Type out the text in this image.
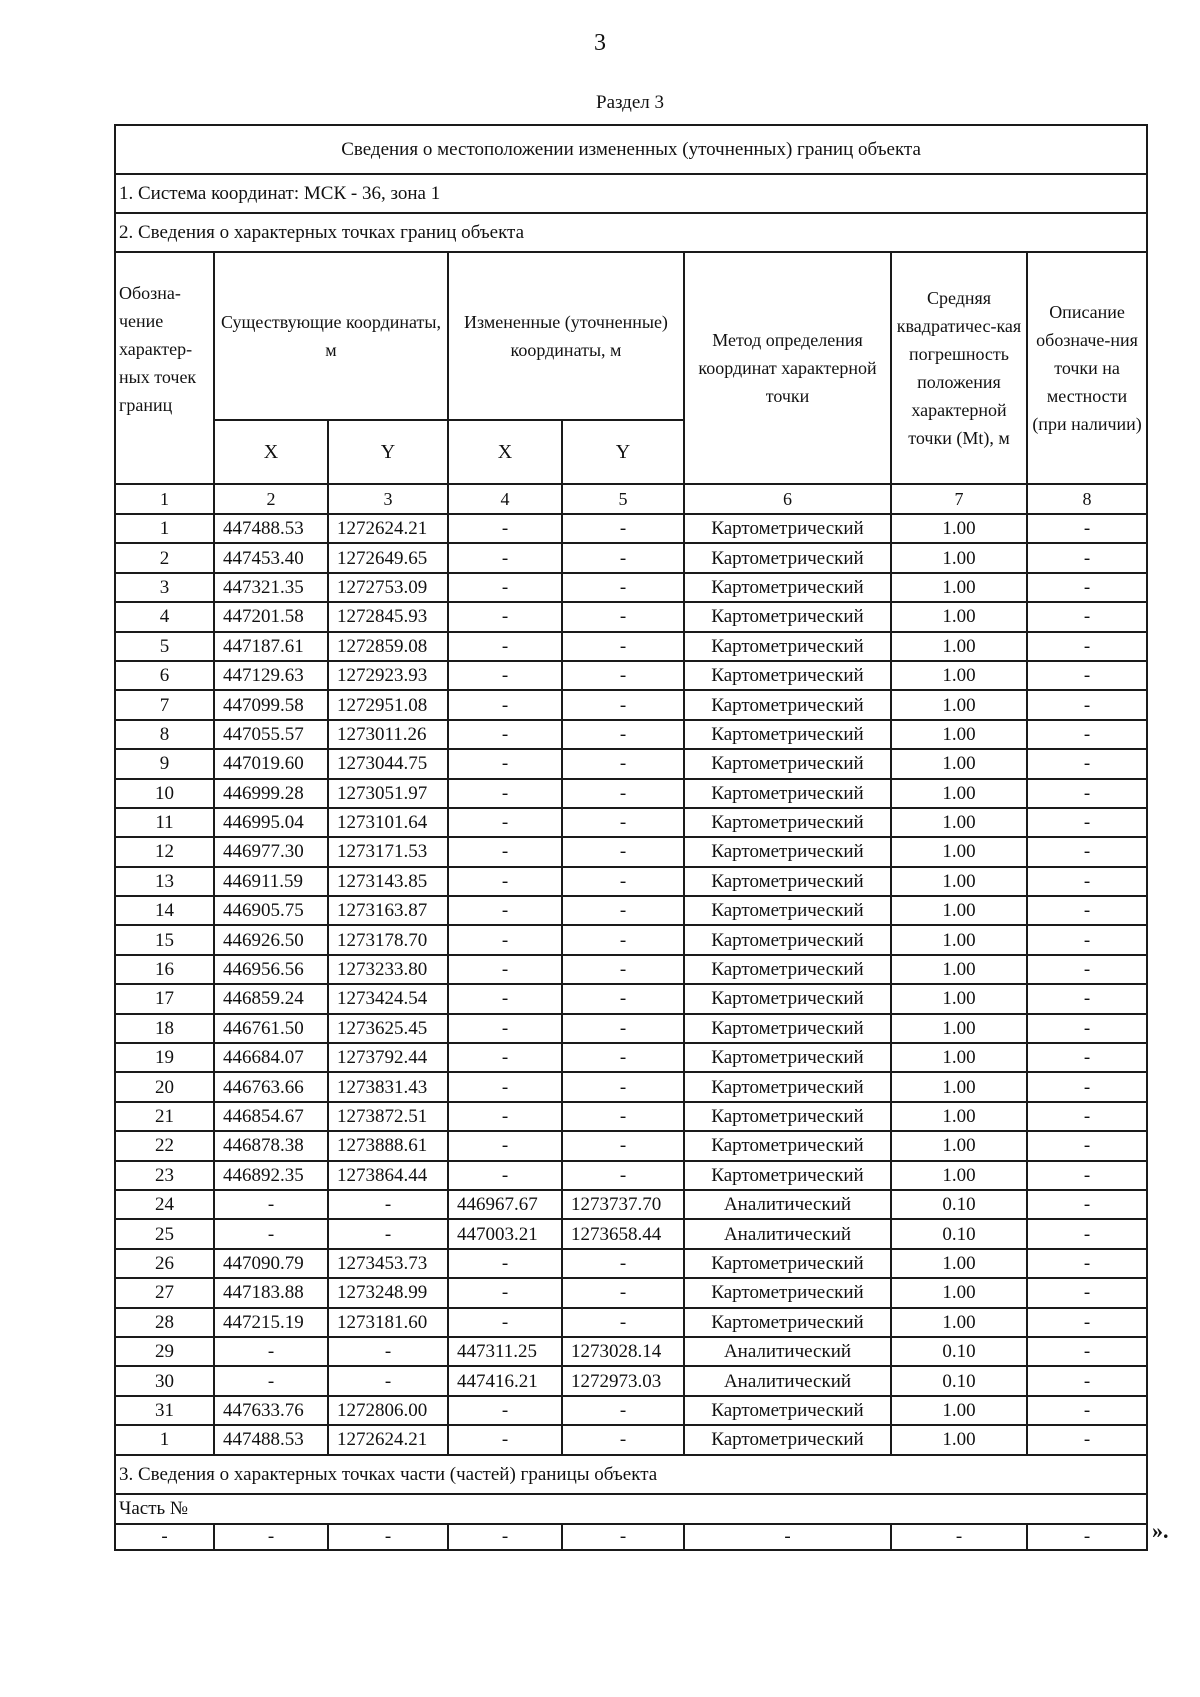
3
Раздел 3
Сведения о местоположении измененных (уточненных) границ объекта							
1. Система координат: МСК - 36, зона 1							
2. Сведения о характерных точках границ объекта							
Обозна-чение характер-ных точек границ	Существующие координаты, м		Измененные (уточненные) координаты, м		Метод определения координат характерной точки	Средняя квадратичес-кая погрешность положения характерной точки (Mt), м	Описание обозначе-ния точки на местности (при наличии)
	X	Y	X	Y			
1	2	3	4	5	6	7	8
1	447488.53	1272624.21	-	-	Картометрический	1.00	-
2	447453.40	1272649.65	-	-	Картометрический	1.00	-
3	447321.35	1272753.09	-	-	Картометрический	1.00	-
4	447201.58	1272845.93	-	-	Картометрический	1.00	-
5	447187.61	1272859.08	-	-	Картометрический	1.00	-
6	447129.63	1272923.93	-	-	Картометрический	1.00	-
7	447099.58	1272951.08	-	-	Картометрический	1.00	-
8	447055.57	1273011.26	-	-	Картометрический	1.00	-
9	447019.60	1273044.75	-	-	Картометрический	1.00	-
10	446999.28	1273051.97	-	-	Картометрический	1.00	-
11	446995.04	1273101.64	-	-	Картометрический	1.00	-
12	446977.30	1273171.53	-	-	Картометрический	1.00	-
13	446911.59	1273143.85	-	-	Картометрический	1.00	-
14	446905.75	1273163.87	-	-	Картометрический	1.00	-
15	446926.50	1273178.70	-	-	Картометрический	1.00	-
16	446956.56	1273233.80	-	-	Картометрический	1.00	-
17	446859.24	1273424.54	-	-	Картометрический	1.00	-
18	446761.50	1273625.45	-	-	Картометрический	1.00	-
19	446684.07	1273792.44	-	-	Картометрический	1.00	-
20	446763.66	1273831.43	-	-	Картометрический	1.00	-
21	446854.67	1273872.51	-	-	Картометрический	1.00	-
22	446878.38	1273888.61	-	-	Картометрический	1.00	-
23	446892.35	1273864.44	-	-	Картометрический	1.00	-
24	-	-	446967.67	1273737.70	Аналитический	0.10	-
25	-	-	447003.21	1273658.44	Аналитический	0.10	-
26	447090.79	1273453.73	-	-	Картометрический	1.00	-
27	447183.88	1273248.99	-	-	Картометрический	1.00	-
28	447215.19	1273181.60	-	-	Картометрический	1.00	-
29	-	-	447311.25	1273028.14	Аналитический	0.10	-
30	-	-	447416.21	1272973.03	Аналитический	0.10	-
31	447633.76	1272806.00	-	-	Картометрический	1.00	-
1	447488.53	1272624.21	-	-	Картометрический	1.00	-
3. Сведения о характерных точках части (частей) границы объекта							
Часть №							
-	-	-	-	-	-	-	-	».
